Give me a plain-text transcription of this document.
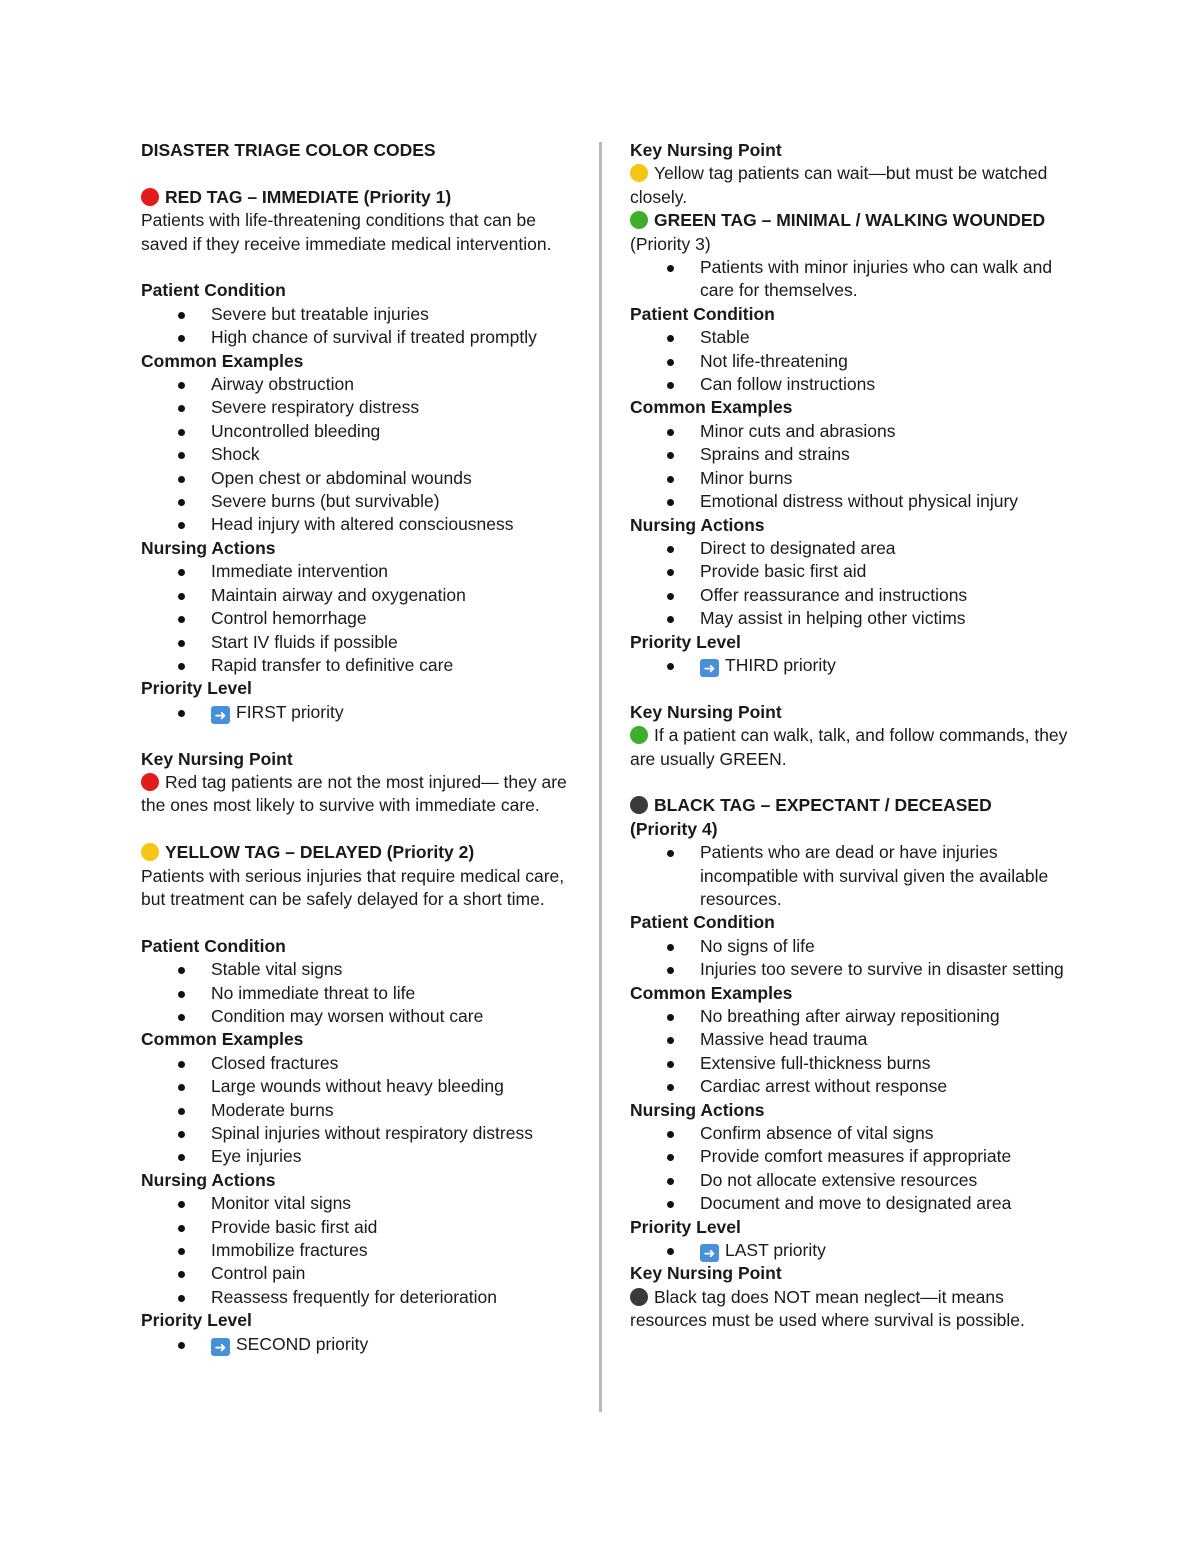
DISASTER TRIAGE COLOR CODES

RED TAG – IMMEDIATE (Priority 1)

Patients with life-threatening conditions that can be saved if they receive immediate medical intervention.

Patient Condition

Severe but treatable injuries
High chance of survival if treated promptly

Common Examples

Airway obstruction
Severe respiratory distress
Uncontrolled bleeding
Shock
Open chest or abdominal wounds
Severe burns (but survivable)
Head injury with altered consciousness

Nursing Actions

Immediate intervention
Maintain airway and oxygenation
Control hemorrhage
Start IV fluids if possible
Rapid transfer to definitive care

Priority Level

➜ FIRST priority

Key Nursing Point

Red tag patients are not the most injured— they are the ones most likely to survive with immediate care.

YELLOW TAG – DELAYED (Priority 2)

Patients with serious injuries that require medical care, but treatment can be safely delayed for a short time.

Patient Condition

Stable vital signs
No immediate threat to life
Condition may worsen without care

Common Examples

Closed fractures
Large wounds without heavy bleeding
Moderate burns
Spinal injuries without respiratory distress
Eye injuries

Nursing Actions

Monitor vital signs
Provide basic first aid
Immobilize fractures
Control pain
Reassess frequently for deterioration

Priority Level

➜ SECOND priority

Key Nursing Point

Yellow tag patients can wait—but must be watched closely.

GREEN TAG – MINIMAL / WALKING WOUNDED

(Priority 3)

Patients with minor injuries who can walk and care for themselves.

Patient Condition

Stable
Not life-threatening
Can follow instructions

Common Examples

Minor cuts and abrasions
Sprains and strains
Minor burns
Emotional distress without physical injury

Nursing Actions

Direct to designated area
Provide basic first aid
Offer reassurance and instructions
May assist in helping other victims

Priority Level

➜ THIRD priority

Key Nursing Point

If a patient can walk, talk, and follow commands, they are usually GREEN.

BLACK TAG – EXPECTANT / DECEASED

(Priority 4)

Patients who are dead or have injuries incompatible with survival given the available resources.

Patient Condition

No signs of life
Injuries too severe to survive in disaster setting

Common Examples

No breathing after airway repositioning
Massive head trauma
Extensive full-thickness burns
Cardiac arrest without response

Nursing Actions

Confirm absence of vital signs
Provide comfort measures if appropriate
Do not allocate extensive resources
Document and move to designated area

Priority Level

➜ LAST priority

Key Nursing Point

Black tag does NOT mean neglect—it means resources must be used where survival is possible.
